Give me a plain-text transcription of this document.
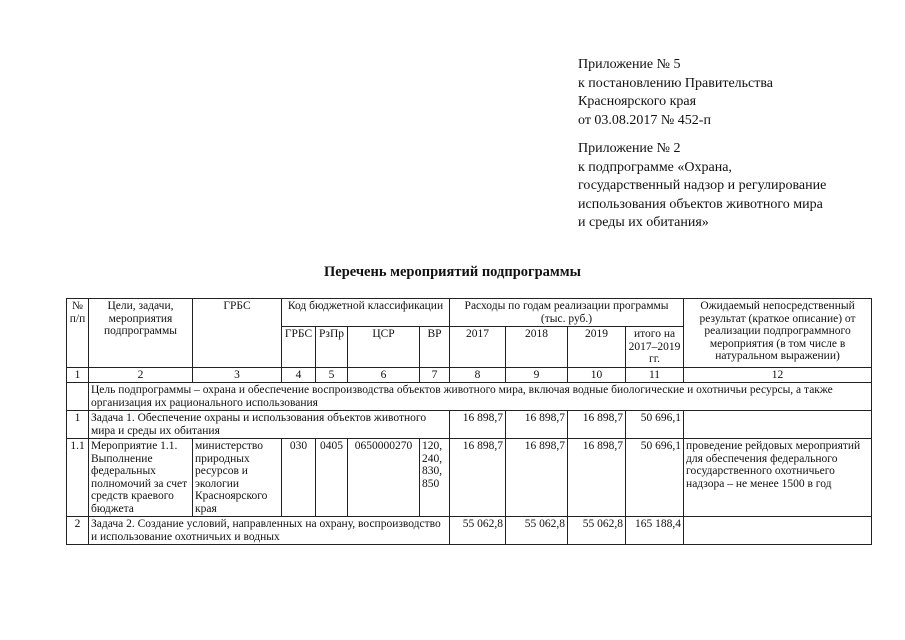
Приложение № 5
к постановлению Правительства
Красноярского края
от 03.08.2017 № 452-п
Приложение № 2
к подпрограмме «Охрана,
государственный надзор и регулирование
использования объектов животного мира
и среды их обитания»
Перечень мероприятий подпрограммы
№ п/п	Цели, задачи, мероприятия подпрограммы	ГРБС	Код бюджетной классификации				Расходы по годам реализации программы (тыс. руб.)				Ожидаемый непосредственный результат (краткое описание) от реализации подпрограммного мероприятия (в том числе в натуральном выражении)
			ГРБС	РзПр	ЦСР	ВР	2017	2018	2019	итого на 2017–2019 гг.	
1	2	3	4	5	6	7	8	9	10	11	12
	Цель подпрограммы – охрана и обеспечение воспроизводства объектов животного мира, включая водные биологические и охотничьи ресурсы, а также организация их рационального использования										
1	Задача 1. Обеспечение охраны и использования объектов животного мира и среды их обитания						16 898,7	16 898,7	16 898,7	50 696,1	
1.1	Мероприятие 1.1. Выполнение федеральных полномочий за счет средств краевого бюджета	министерство природных ресурсов и экологии Красноярского края	030	0405	0650000270	120, 240, 830, 850	16 898,7	16 898,7	16 898,7	50 696,1	проведение рейдовых мероприятий для обеспечения федерального государственного охотничьего надзора – не менее 1500 в год
2	Задача 2. Создание условий, направленных на охрану, воспроизводство и использование охотничьих и водных						55 062,8	55 062,8	55 062,8	165 188,4	
